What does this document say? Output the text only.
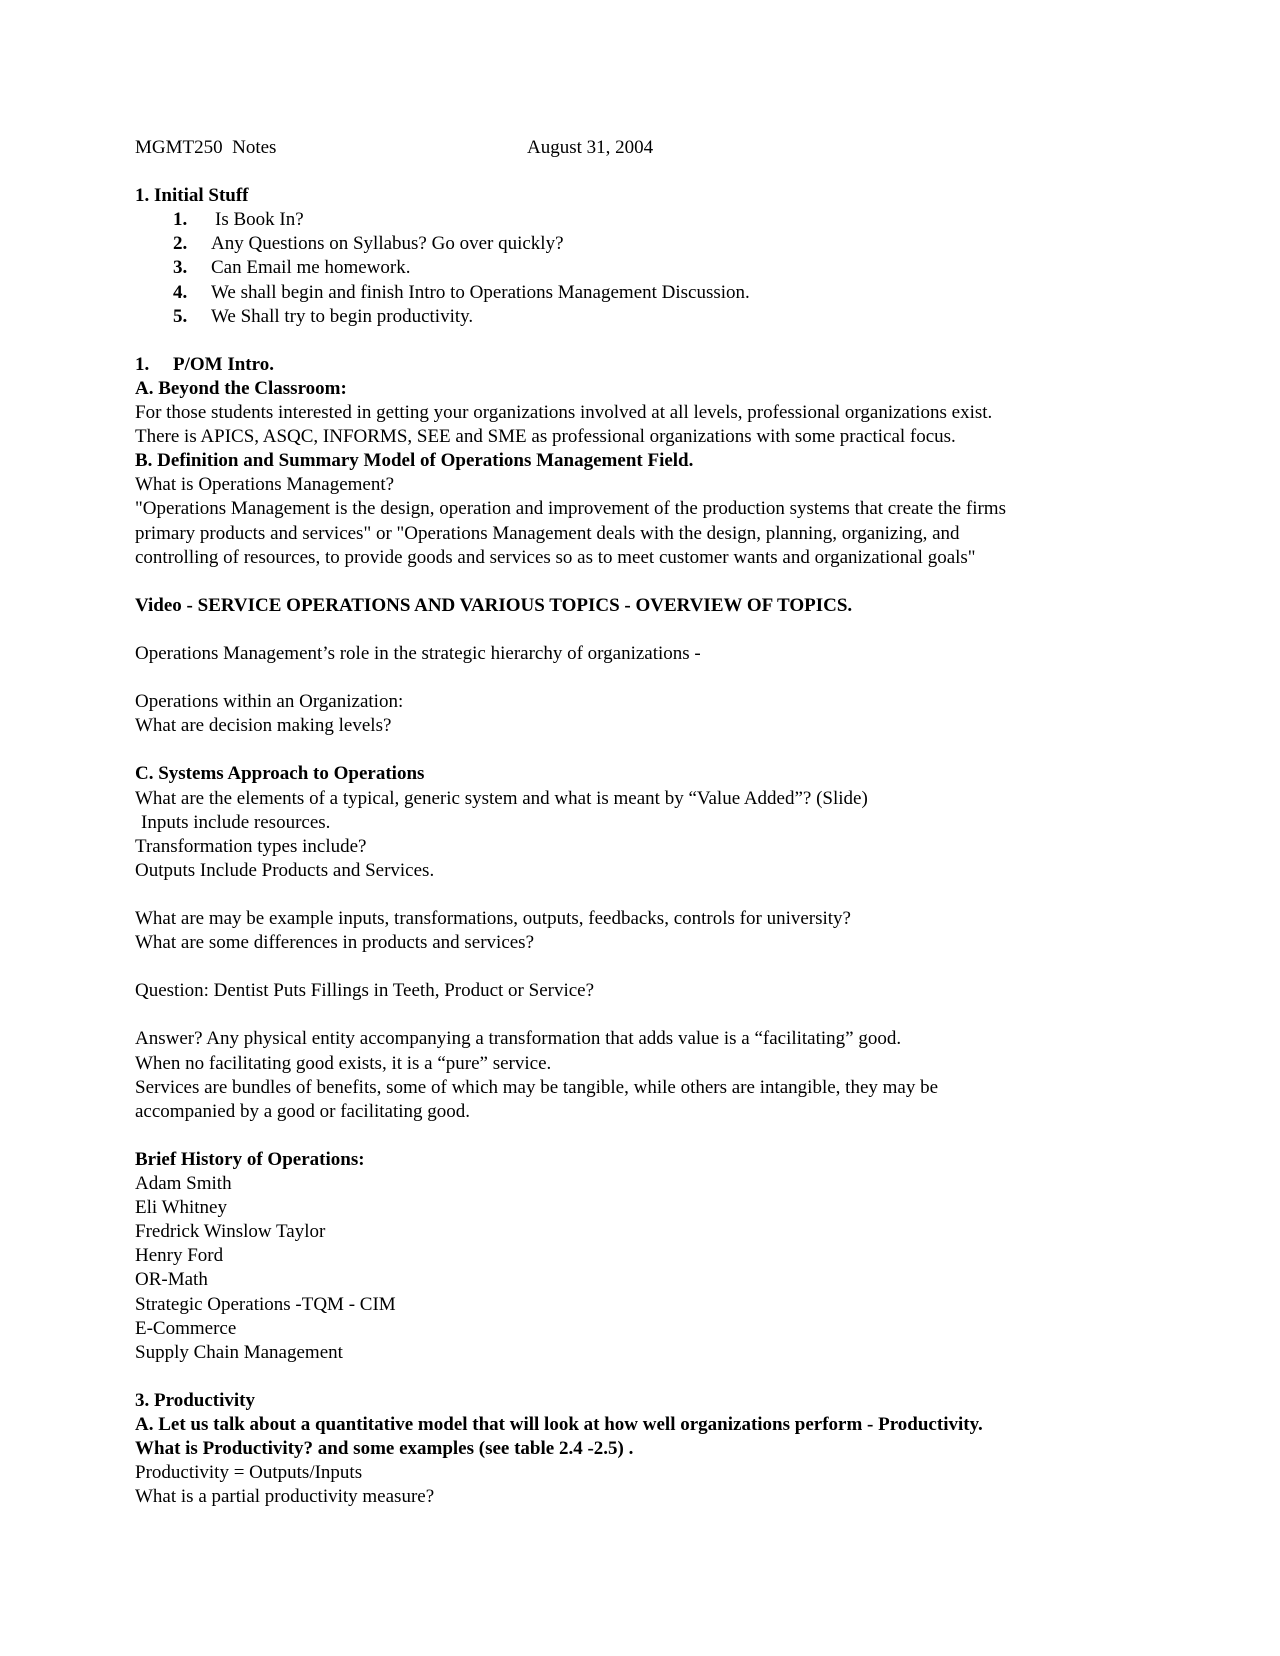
MGMT250  Notes	August 31, 2004
1. Initial Stuff
1. Is Book In?
2. Any Questions on Syllabus? Go over quickly?
3. Can Email me homework.
4. We shall begin and finish Intro to Operations Management Discussion.
5. We Shall try to begin productivity.
1. P/OM Intro.
A. Beyond the Classroom:
For those students interested in getting your organizations involved at all levels, professional organizations exist.
There is APICS, ASQC, INFORMS, SEE and SME as professional organizations with some practical focus.
B. Definition and Summary Model of Operations Management Field.
What is Operations Management?
"Operations Management is the design, operation and improvement of the production systems that create the firms
primary products and services" or "Operations Management deals with the design, planning, organizing, and
controlling of resources, to provide goods and services so as to meet customer wants and organizational goals"
Video - SERVICE OPERATIONS AND VARIOUS TOPICS - OVERVIEW OF TOPICS.
Operations Management’s role in the strategic hierarchy of organizations -
Operations within an Organization:
What are decision making levels?
C. Systems Approach to Operations
What are the elements of a typical, generic system and what is meant by “Value Added”? (Slide)
Inputs include resources.
Transformation types include?
Outputs Include Products and Services.
What are may be example inputs, transformations, outputs, feedbacks, controls for university?
What are some differences in products and services?
Question: Dentist Puts Fillings in Teeth, Product or Service?
Answer? Any physical entity accompanying a transformation that adds value is a “facilitating” good.
When no facilitating good exists, it is a “pure” service.
Services are bundles of benefits, some of which may be tangible, while others are intangible, they may be
accompanied by a good or facilitating good.
Brief History of Operations:
Adam Smith
Eli Whitney
Fredrick Winslow Taylor
Henry Ford
OR-Math
Strategic Operations -TQM - CIM
E-Commerce
Supply Chain Management
3. Productivity
A. Let us talk about a quantitative model that will look at how well organizations perform - Productivity.
What is Productivity? and some examples (see table 2.4 -2.5) .
Productivity = Outputs/Inputs
What is a partial productivity measure?
